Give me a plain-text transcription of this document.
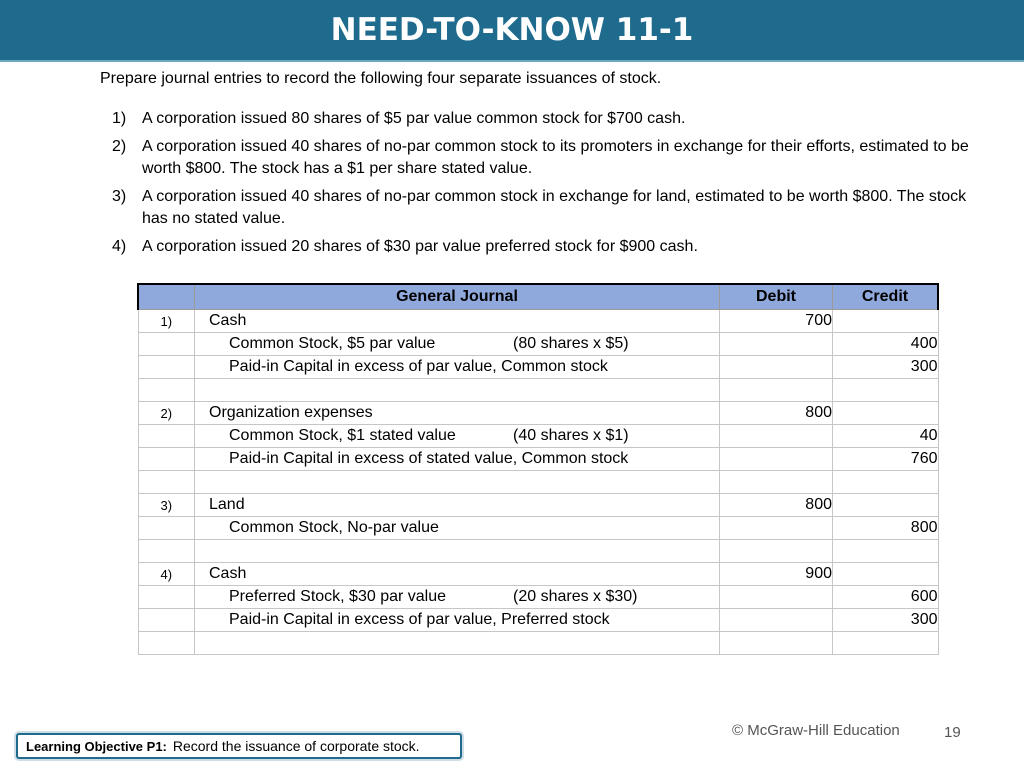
NEED-TO-KNOW 11-1

Prepare journal entries to record the following four separate issuances of stock.

1) A corporation issued 80 shares of $5 par value common stock for $700 cash.
2) A corporation issued 40 shares of no-par common stock to its promoters in exchange for their efforts, estimated to be worth $800. The stock has a $1 per share stated value.
3) A corporation issued 40 shares of no-par common stock in exchange for land, estimated to be worth $800. The stock has no stated value.
4) A corporation issued 20 shares of $30 par value preferred stock for $900 cash.
	General Journal	Debit	Credit
1)	Cash	700	

	Common Stock, $5 par value (80 shares x $5)		400

	Paid-in Capital in excess of par value, Common stock		300

2)	Organization expenses	800	

	Common Stock, $1 stated value (40 shares x $1)		40

	Paid-in Capital in excess of stated value, Common stock		760

3)	Land	800	

	Common Stock, No-par value		800

4)	Cash	900	

	Preferred Stock, $30 par value (20 shares x $30)		600

	Paid-in Capital in excess of par value, Preferred stock		300

© McGraw-Hill Education	19
Learning Objective P1: Record the issuance of corporate stock.
